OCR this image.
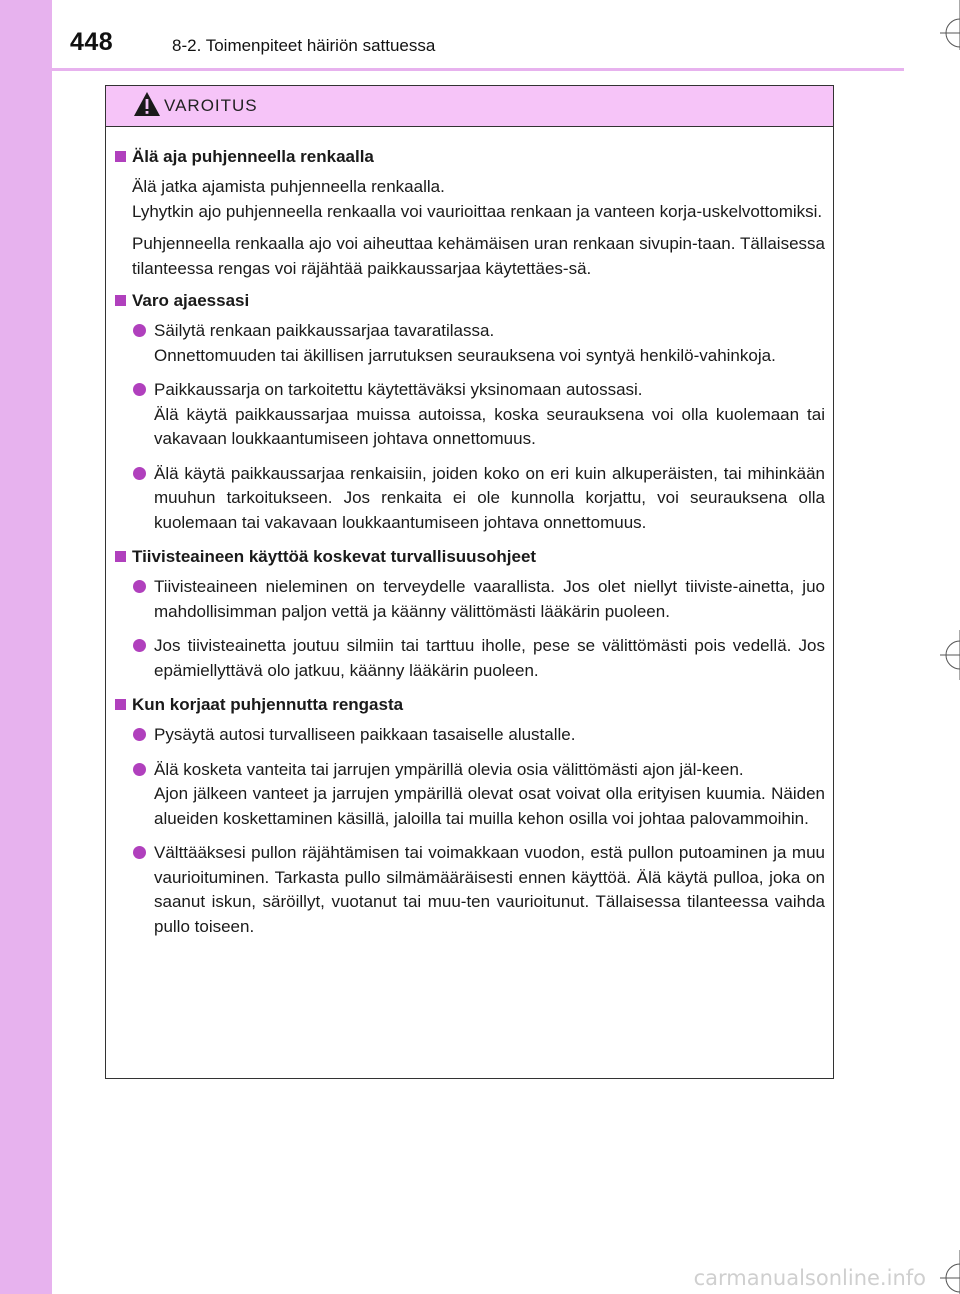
448	8-2. Toimenpiteet häiriön sattuessa
VAROITUS
Älä aja puhjenneella renkaalla
Älä jatka ajamista puhjenneella renkaalla.
Lyhytkin ajo puhjenneella renkaalla voi vaurioittaa renkaan ja vanteen korja-uskelvottomiksi.
Puhjenneella renkaalla ajo voi aiheuttaa kehämäisen uran renkaan sivupin-taan. Tällaisessa tilanteessa rengas voi räjähtää paikkaussarjaa käytettäes-sä.
Varo ajaessasi
Säilytä renkaan paikkaussarjaa tavaratilassa.
Onnettomuuden tai äkillisen jarrutuksen seurauksena voi syntyä henkilö-vahinkoja.
Paikkaussarja on tarkoitettu käytettäväksi yksinomaan autossasi.
Älä käytä paikkaussarjaa muissa autoissa, koska seurauksena voi olla kuolemaan tai vakavaan loukkaantumiseen johtava onnettomuus.
Älä käytä paikkaussarjaa renkaisiin, joiden koko on eri kuin alkuperäisten, tai mihinkään muuhun tarkoitukseen. Jos renkaita ei ole kunnolla korjattu, voi seurauksena olla kuolemaan tai vakavaan loukkaantumiseen johtava onnettomuus.
Tiivisteaineen käyttöä koskevat turvallisuusohjeet
Tiivisteaineen nieleminen on terveydelle vaarallista. Jos olet niellyt tiiviste-ainetta, juo mahdollisimman paljon vettä ja käänny välittömästi lääkärin puoleen.
Jos tiivisteainetta joutuu silmiin tai tarttuu iholle, pese se välittömästi pois vedellä. Jos epämiellyttävä olo jatkuu, käänny lääkärin puoleen.
Kun korjaat puhjennutta rengasta
Pysäytä autosi turvalliseen paikkaan tasaiselle alustalle.
Älä kosketa vanteita tai jarrujen ympärillä olevia osia välittömästi ajon jäl-keen.
Ajon jälkeen vanteet ja jarrujen ympärillä olevat osat voivat olla erityisen kuumia. Näiden alueiden koskettaminen käsillä, jaloilla tai muilla kehon osilla voi johtaa palovammoihin.
Välttääksesi pullon räjähtämisen tai voimakkaan vuodon, estä pullon putoaminen ja muu vaurioituminen. Tarkasta pullo silmämääräisesti ennen käyttöä. Älä käytä pulloa, joka on saanut iskun, säröillyt, vuotanut tai muu-ten vaurioitunut. Tällaisessa tilanteessa vaihda pullo toiseen.
carmanualsonline.info
